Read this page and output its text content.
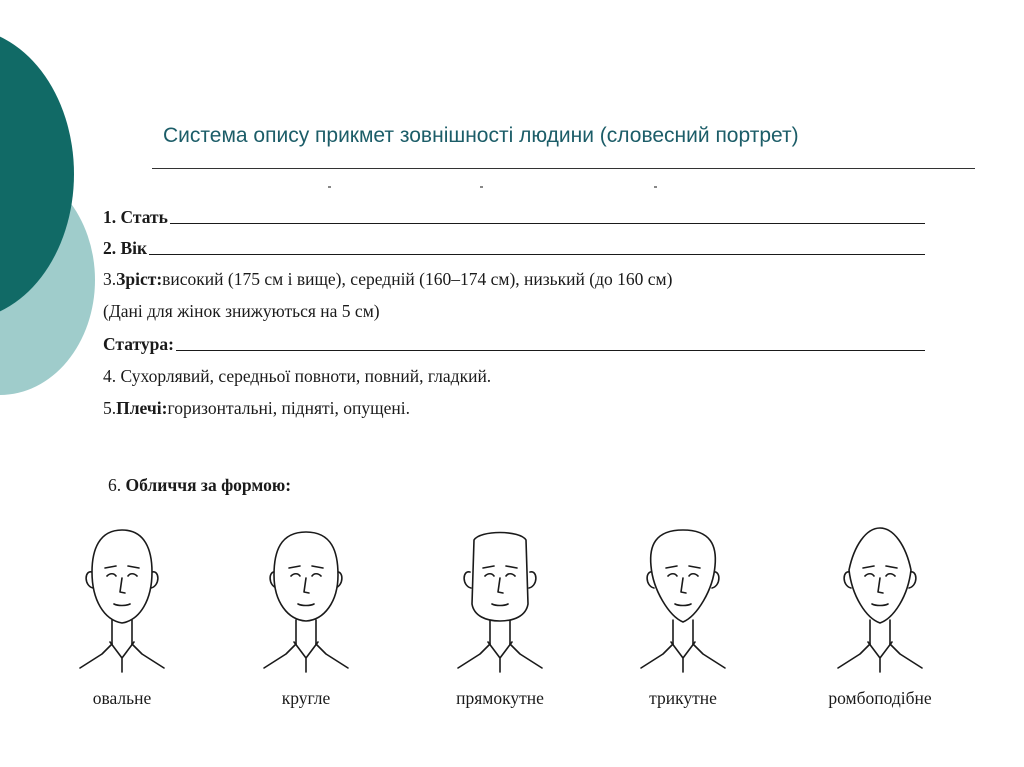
Система опису прикмет зовнішності людини (словесний портрет)
1. Стать
2. Вік
3. Зріст: високий (175 см і вище), середній (160–174 см), низький (до 160 см)
(Дані для жінок знижуються на 5 см)
Статура:
4. Сухорлявий, середньої повноти, повний, гладкий.
5. Плечі: горизонтальні, підняті, опущені.
6. Обличчя за формою:
овальне	кругле	прямокутне	трикутне	ромбоподібне
